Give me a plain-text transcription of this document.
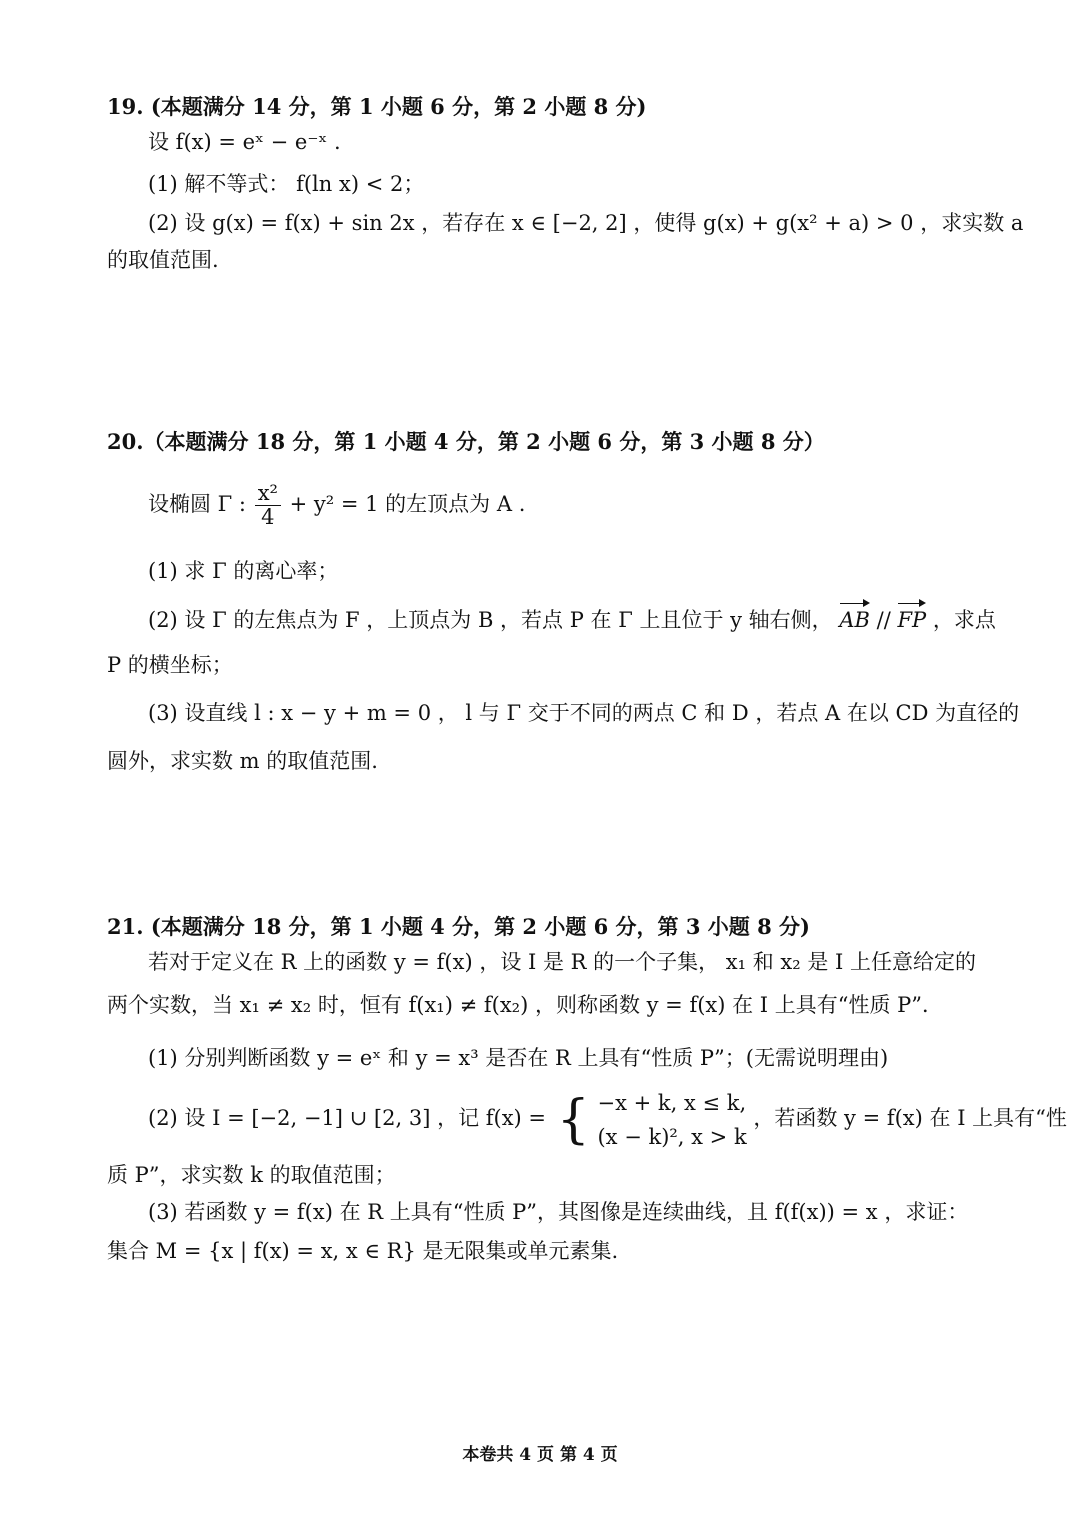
19. (本题满分 14 分，第 1 小题 6 分，第 2 小题 8 分)
设 f(x) = eˣ − e⁻ˣ .
(1) 解不等式： f(ln x) < 2；
(2) 设 g(x) = f(x) + sin 2x ，若存在 x ∈ [−2, 2] ，使得 g(x) + g(x² + a) > 0 ，求实数 a
的取值范围.
20.（本题满分 18 分，第 1 小题 4 分，第 2 小题 6 分，第 3 小题 8 分）
设椭圆 Γ : $\frac{\text{x²}}{4} + y^2 = 1$ 的左顶点为 A .
(1) 求 Γ 的离心率；
(2) 设 Γ 的左焦点为 F ，上顶点为 B ，若点 P 在 Γ 上且位于 y 轴右侧， AB // FP ，求点
P 的横坐标；
(3) 设直线 l : x − y + m = 0 ， l 与 Γ 交于不同的两点 C 和 D ，若点 A 在以 CD 为直径的
圆外，求实数 m 的取值范围.
21. (本题满分 18 分，第 1 小题 4 分，第 2 小题 6 分，第 3 小题 8 分)
若对于定义在 R 上的函数 y = f(x) ，设 I 是 R 的一个子集， x₁ 和 x₂ 是 I 上任意给定的
两个实数，当 x₁ ≠ x₂ 时，恒有 f(x₁) ≠ f(x₂) ，则称函数 y = f(x) 在 I 上具有“性质 P”．
(1) 分别判断函数 y = eˣ 和 y = x³ 是否在 R 上具有“性质 P”；(无需说明理由)
(2) 设 I = [−2, −1] ∪ [2, 3] ，记 f(x) = { −x + k, x ≤ k,
(x − k)², x > k
，若函数 y = f(x) 在 I 上具有“性
质 P”，求实数 k 的取值范围；
(3) 若函数 y = f(x) 在 R 上具有“性质 P”，其图像是连续曲线，且 f(f(x)) = x ，求证：
集合 M = {x | f(x) = x, x ∈ R} 是无限集或单元素集.
本卷共 4 页 第 4 页
